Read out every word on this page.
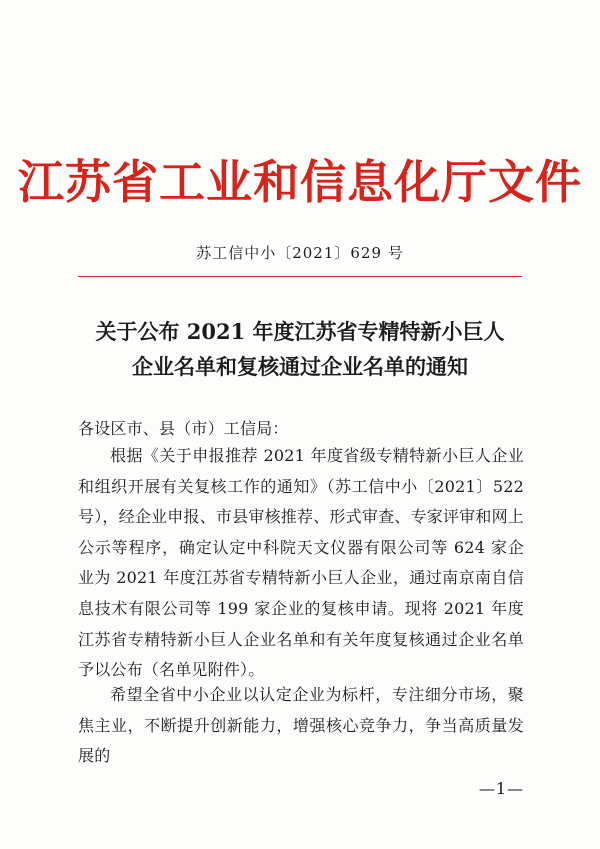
江苏省工业和信息化厅文件
苏工信中小〔2021〕629 号
关于公布 2021 年度江苏省专精特新小巨人
企业名单和复核通过企业名单的通知
各设区市、县（市）工信局：
根据《关于申报推荐 2021 年度省级专精特新小巨人企业和组织开展有关复核工作的通知》（苏工信中小〔2021〕522 号），经企业申报、市县审核推荐、形式审查、专家评审和网上公示等程序，确定认定中科院天文仪器有限公司等 624 家企业为 2021 年度江苏省专精特新小巨人企业，通过南京南自信息技术有限公司等 199 家企业的复核申请。现将 2021 年度江苏省专精特新小巨人企业名单和有关年度复核通过企业名单予以公布（名单见附件）。
希望全省中小企业以认定企业为标杆，专注细分市场，聚焦主业，不断提升创新能力，增强核心竞争力，争当高质量发展的
—1—
